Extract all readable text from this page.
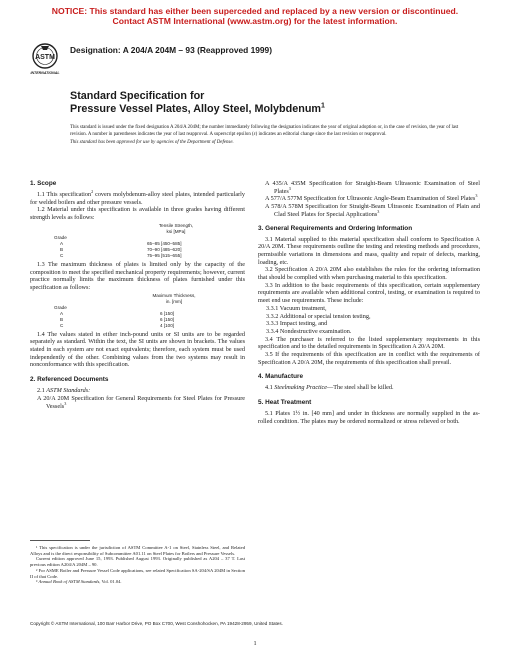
NOTICE: This standard has either been superceded and replaced by a new version or discontinued.
Contact ASTM International (www.astm.org) for the latest information.
ASTM
INTERNATIONAL
Designation: A 204/A 204M – 93 (Reapproved 1999)
Standard Specification for
Pressure Vessel Plates, Alloy Steel, Molybdenum$^1$

This standard is issued under the fixed designation A 204/A 204M; the number immediately following the designation indicates the year of original adoption or, in the case of revision, the year of last revision. A number in parentheses indicates the year of last reapproval. A superscript epsilon (ε) indicates an editorial change since the last revision or reapproval.

This standard has been approved for use by agencies of the Department of Defense.

1. Scope

1.1 This specification$^2$ covers molybdenum-alloy steel plates, intended particularly for welded boilers and other pressure vessels.

1.2 Material under this specification is available in three grades having different strength levels as follows:

Tensile Strength,
ksi [MPa]
Grade
A	65–85 [450–585]
B	70–90 [485–620]
C	75–95 [515–655]

1.3 The maximum thickness of plates is limited only by the capacity of the composition to meet the specified mechanical property requirements; however, current practice normally limits the maximum thickness of plates furnished under this specification as follows:

Maximum Thickness,
in. [mm]
Grade
A	6 [150]
B	6 [150]
C	4 [100]

1.4 The values stated in either inch-pound units or SI units are to be regarded separately as standard. Within the text, the SI units are shown in brackets. The values stated in each system are not exact equivalents; therefore, each system must be used independently of the other. Combining values from the two systems may result in nonconformance with this specification.

2. Referenced Documents

2.1 ASTM Standards:

A 20/A 20M Specification for General Requirements for Steel Plates for Pressure Vessels$^3$

¹ This specification is under the jurisdiction of ASTM Committee A-1 on Steel, Stainless Steel, and Related Alloys and is the direct responsibility of Subcommittee A01.11 on Steel Plates for Boilers and Pressure Vessels.

Current edition approved June 15, 1993. Published August 1993. Originally published as A204 – 37 T. Last previous edition A204/A 204M – 90.

² For ASME Boiler and Pressure Vessel Code applications, see related Specification SA-204/SA 204M in Section II of that Code.

³ Annual Book of ASTM Standards, Vol. 01.04.

A 435/A 435M Specification for Straight-Beam Ultrasonic Examination of Steel Plates$^3$

A 577/A 577M Specification for Ultrasonic Angle-Beam Examination of Steel Plates$^3$

A 578/A 578M Specification for Straight-Beam Ultrasonic Examination of Plain and Clad Steel Plates for Special Applications$^3$

3. General Requirements and Ordering Information

3.1 Material supplied to this material specification shall conform to Specification A 20/A 20M. These requirements outline the testing and retesting methods and procedures, permissible variations in dimensions and mass, quality and repair of defects, marking, loading, etc.

3.2 Specification A 20/A 20M also establishes the rules for the ordering information that should be complied with when purchasing material to this specification.

3.3 In addition to the basic requirements of this specification, certain supplementary requirements are available when additional control, testing, or examination is required to meet end use requirements. These include:

3.3.1 Vacuum treatment,

3.3.2 Additional or special tension testing,

3.3.3 Impact testing, and

3.3.4 Nondestructive examination.

3.4 The purchaser is referred to the listed supplementary requirements in this specification and to the detailed requirements in Specification A 20/A 20M.

3.5 If the requirements of this specification are in conflict with the requirements of Specification A 20/A 20M, the requirements of this specification shall prevail.

4. Manufacture

4.1 Steelmaking Practice—The steel shall be killed.

5. Heat Treatment

5.1 Plates 1½ in. [40 mm] and under in thickness are normally supplied in the as-rolled condition. The plates may be ordered normalized or stress relieved or both.

Copyright © ASTM International, 100 Barr Harbor Drive, PO Box C700, West Conshohocken, PA 19428-2959, United States.
1
